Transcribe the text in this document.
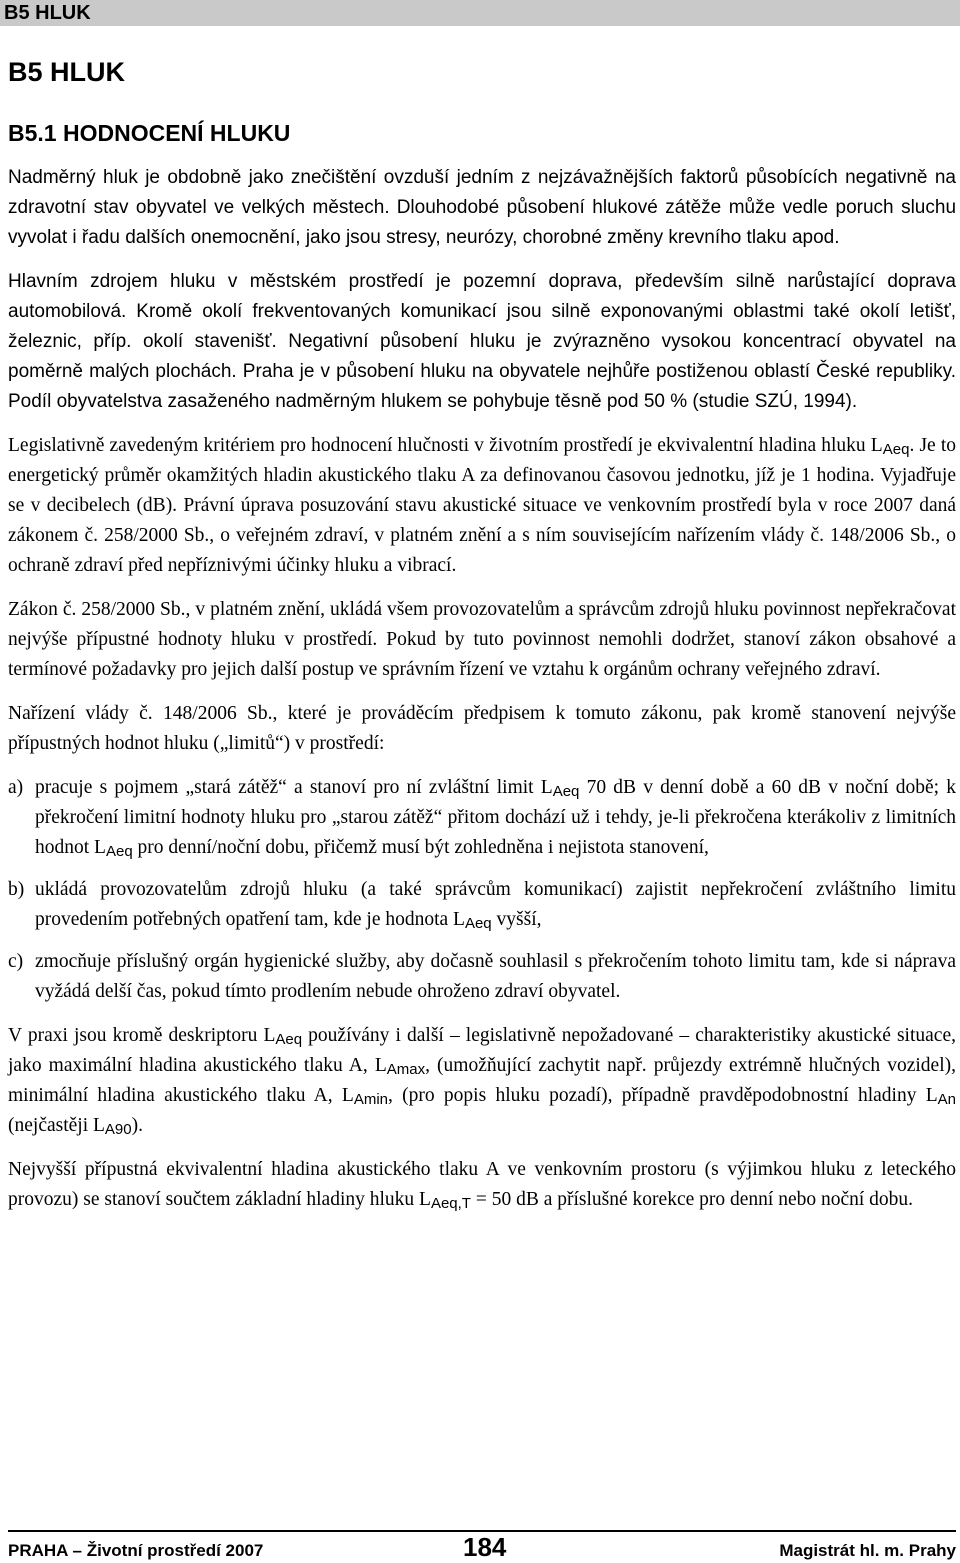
B5 HLUK
B5 HLUK
B5.1 HODNOCENÍ HLUKU

Nadměrný hluk je obdobně jako znečištění ovzduší jedním z nejzávažnějších faktorů působících negativně na zdravotní stav obyvatel ve velkých městech. Dlouhodobé působení hlukové zátěže může vedle poruch sluchu vyvolat i řadu dalších onemocnění, jako jsou stresy, neurózy, chorobné změny krevního tlaku apod.

Hlavním zdrojem hluku v městském prostředí je pozemní doprava, především silně narůstající doprava automobilová. Kromě okolí frekventovaných komunikací jsou silně exponovanými oblastmi také okolí letišť, železnic, příp. okolí stavenišť. Negativní působení hluku je zvýrazněno vysokou koncentrací obyvatel na poměrně malých plochách. Praha je v působení hluku na obyvatele nejhůře postiženou oblastí České republiky. Podíl obyvatelstva zasaženého nadměrným hlukem se pohybuje těsně pod 50 % (studie SZÚ, 1994).

Legislativně zavedeným kritériem pro hodnocení hlučnosti v životním prostředí je ekvivalentní hladina hluku $L_{Aeq}$. Je to energetický průměr okamžitých hladin akustického tlaku A za definovanou časovou jednotku, jíž je 1 hodina. Vyjadřuje se v decibelech (dB). Právní úprava posuzování stavu akustické situace ve venkovním prostředí byla v roce 2007 daná zákonem č. 258/2000 Sb., o veřejném zdraví, v platném znění a s ním souvisejícím nařízením vlády č. 148/2006 Sb., o ochraně zdraví před nepříznivými účinky hluku a vibrací.

Zákon č. 258/2000 Sb., v platném znění, ukládá všem provozovatelům a správcům zdrojů hluku povinnost nepřekračovat nejvýše přípustné hodnoty hluku v prostředí. Pokud by tuto povinnost nemohli dodržet, stanoví zákon obsahové a termínové požadavky pro jejich další postup ve správním řízení ve vztahu k orgánům ochrany veřejného zdraví.

Nařízení vlády č. 148/2006 Sb., které je prováděcím předpisem k tomuto zákonu, pak kromě stanovení nejvýše přípustných hodnot hluku („limitů“) v prostředí:

a) pracuje s pojmem „stará zátěž“ a stanoví pro ní zvláštní limit $L_{Aeq}$ 70 dB v denní době a 60 dB v noční době; k překročení limitní hodnoty hluku pro „starou zátěž“ přitom dochází už i tehdy, je-li překročena kterákoliv z limitních hodnot $L_{Aeq}$ pro denní/noční dobu, přičemž musí být zohledněna i nejistota stanovení,
b) ukládá provozovatelům zdrojů hluku (a také správcům komunikací) zajistit nepřekročení zvláštního limitu provedením potřebných opatření tam, kde je hodnota $L_{Aeq}$ vyšší,
c) zmocňuje příslušný orgán hygienické služby, aby dočasně souhlasil s překročením tohoto limitu tam, kde si náprava vyžádá delší čas, pokud tímto prodlením nebude ohroženo zdraví obyvatel.

V praxi jsou kromě deskriptoru $L_{Aeq}$ používány i další – legislativně nepožadované – charakteristiky akustické situace, jako maximální hladina akustického tlaku A, $L_{Amax}$, (umožňující zachytit např. průjezdy extrémně hlučných vozidel), minimální hladina akustického tlaku A, $L_{Amin}$, (pro popis hluku pozadí), případně pravděpodobnostní hladiny $L_{An}$ (nejčastěji $L_{A90}$).

Nejvyšší přípustná ekvivalentní hladina akustického tlaku A ve venkovním prostoru (s výjimkou hluku z leteckého provozu) se stanoví součtem základní hladiny hluku $L_{Aeq,T} = 50$ dB a příslušné korekce pro denní nebo noční dobu.

PRAHA – Životní prostředí 2007	184	Magistrát hl. m. Prahy
